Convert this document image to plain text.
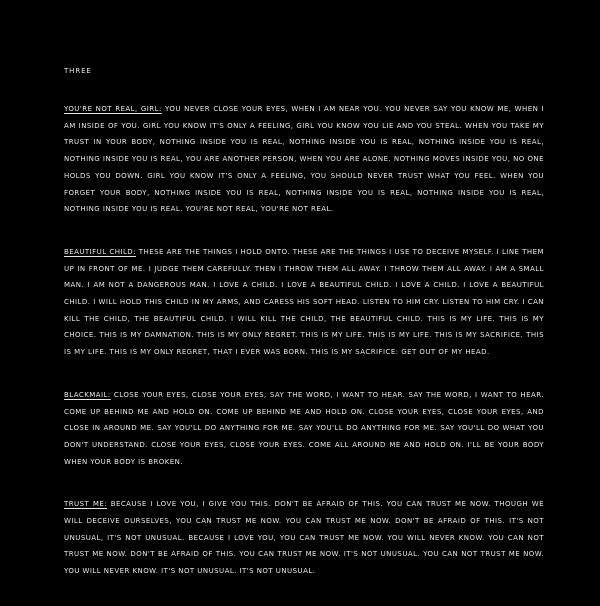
THREE

YOU'RE NOT REAL, GIRL : YOU NEVER CLOSE YOUR EYES, WHEN I AM NEAR YOU. YOU NEVER SAY YOU KNOW ME, WHEN I AM INSIDE OF YOU. GIRL YOU KNOW IT'S ONLY A FEELING, GIRL YOU KNOW YOU LIE AND YOU STEAL. WHEN YOU TAKE MY TRUST IN YOUR BODY, NOTHING INSIDE YOU IS REAL, NOTHING INSIDE YOU IS REAL, NOTHING INSIDE YOU IS REAL, NOTHING INSIDE YOU IS REAL, YOU ARE ANOTHER PERSON, WHEN YOU ARE ALONE. NOTHING MOVES INSIDE YOU, NO ONE HOLDS YOU DOWN. GIRL YOU KNOW IT'S ONLY A FEELING, YOU SHOULD NEVER TRUST WHAT YOU FEEL. WHEN YOU FORGET YOUR BODY, NOTHING INSIDE YOU IS REAL, NOTHING INSIDE YOU IS REAL, NOTHING INSIDE YOU IS REAL, NOTHING INSIDE YOU IS REAL. YOU'RE NOT REAL, YOU'RE NOT REAL.

BEAUTIFUL CHILD : THESE ARE THE THINGS I HOLD ONTO. THESE ARE THE THINGS I USE TO DECEIVE MYSELF. I LINE THEM UP IN FRONT OF ME. I JUDGE THEM CAREFULLY. THEN I THROW THEM ALL AWAY. I THROW THEM ALL AWAY. I AM A SMALL MAN. I AM NOT A DANGEROUS MAN. I LOVE A CHILD. I LOVE A BEAUTIFUL CHILD. I LOVE A CHILD. I LOVE A BEAUTIFUL CHILD. I WILL HOLD THIS CHILD IN MY ARMS, AND CARESS HIS SOFT HEAD. LISTEN TO HIM CRY. LISTEN TO HIM CRY. I CAN KILL THE CHILD, THE BEAUTIFUL CHILD. I WILL KILL THE CHILD, THE BEAUTIFUL CHILD. THIS IS MY LIFE. THIS IS MY CHOICE. THIS IS MY DAMNATION. THIS IS MY ONLY REGRET. THIS IS MY LIFE. THIS IS MY LIFE. THIS IS MY SACRIFICE. THIS IS MY LIFE. THIS IS MY ONLY REGRET, THAT I EVER WAS BORN. THIS IS MY SACRIFICE: GET OUT OF MY HEAD.

BLACKMAIL : CLOSE YOUR EYES, CLOSE YOUR EYES, SAY THE WORD, I WANT TO HEAR. SAY THE WORD, I WANT TO HEAR. COME UP BEHIND ME AND HOLD ON. COME UP BEHIND ME AND HOLD ON. CLOSE YOUR EYES, CLOSE YOUR EYES, AND CLOSE IN AROUND ME. SAY YOU'LL DO ANYTHING FOR ME. SAY YOU'LL DO ANYTHING FOR ME. SAY YOU'LL DO WHAT YOU DON'T UNDERSTAND. CLOSE YOUR EYES, CLOSE YOUR EYES. COME ALL AROUND ME AND HOLD ON. I'LL BE YOUR BODY WHEN YOUR BODY IS BROKEN.

TRUST ME : BECAUSE I LOVE YOU, I GIVE YOU THIS. DON'T BE AFRAID OF THIS. YOU CAN TRUST ME NOW. THOUGH WE WILL DECEIVE OURSELVES, YOU CAN TRUST ME NOW. YOU CAN TRUST ME NOW. DON'T BE AFRAID OF THIS. IT'S NOT UNUSUAL, IT'S NOT UNUSUAL. BECAUSE I LOVE YOU, YOU CAN TRUST ME NOW. YOU WILL NEVER KNOW. YOU CAN NOT TRUST ME NOW. DON'T BE AFRAID OF THIS. YOU CAN TRUST ME NOW. IT'S NOT UNUSUAL. YOU CAN NOT TRUST ME NOW. YOU WILL NEVER KNOW. IT'S NOT UNUSUAL. IT'S NOT UNUSUAL.
